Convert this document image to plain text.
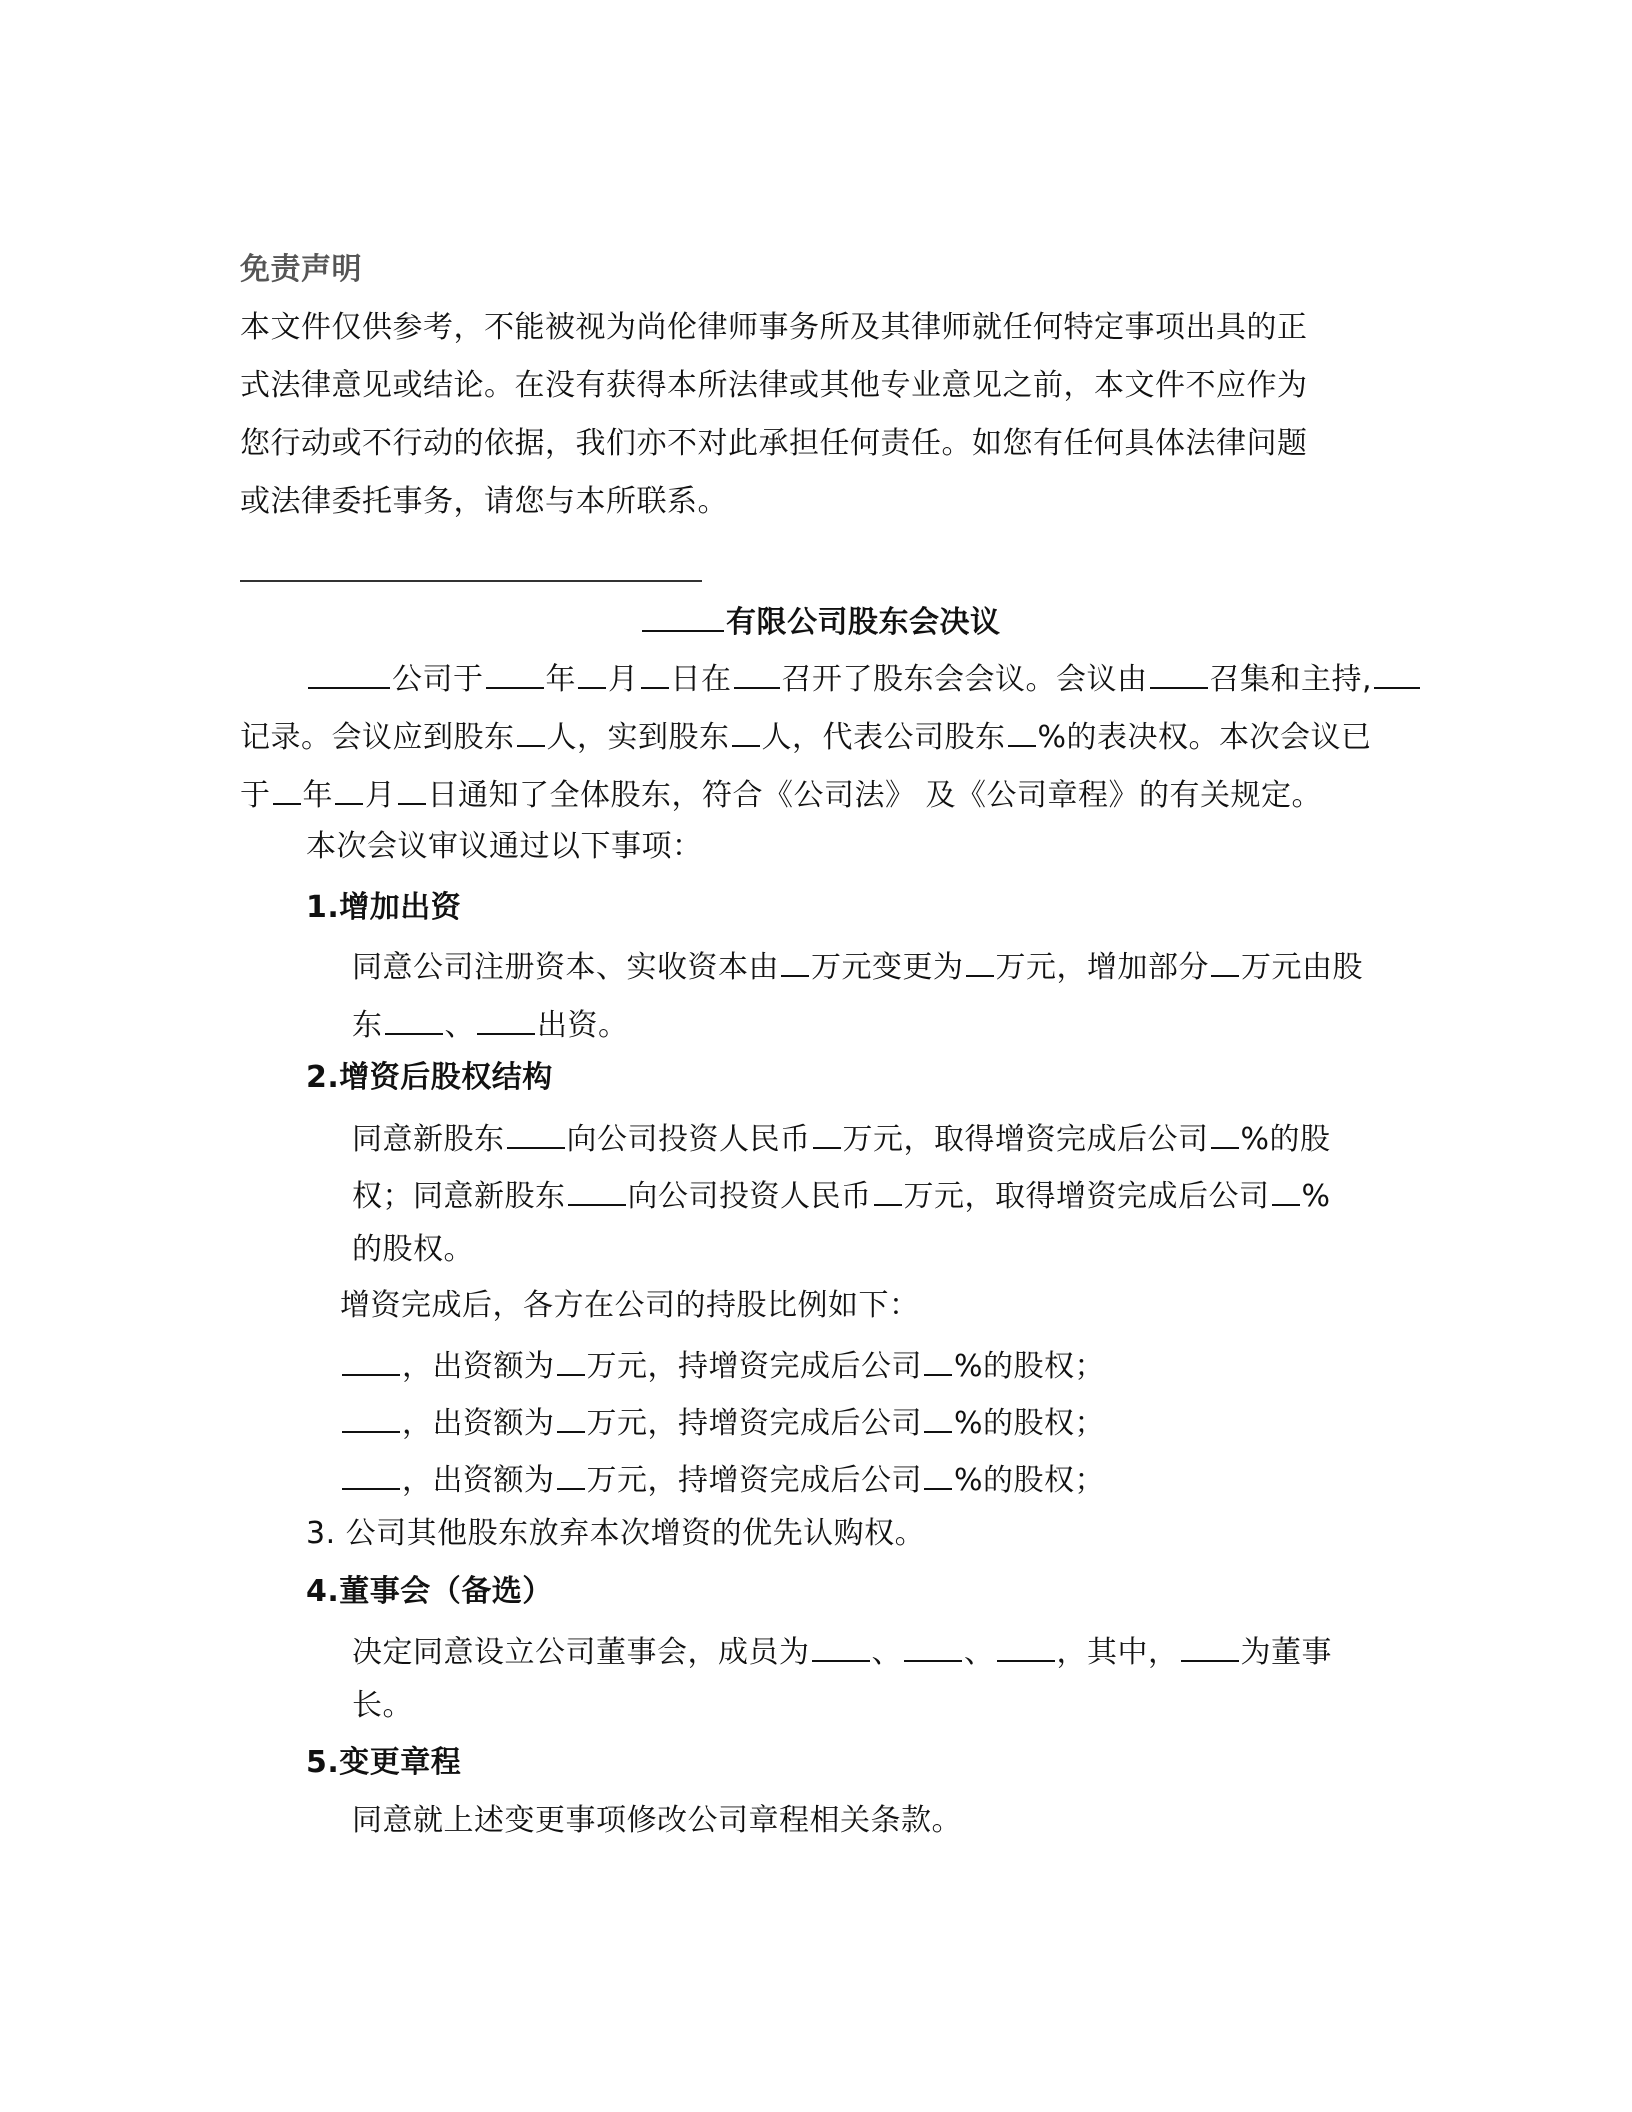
免责声明

本文件仅供参考，不能被视为尚伦律师事务所及其律师就任何特定事项出具的正

式法律意见或结论。在没有获得本所法律或其他专业意见之前，本文件不应作为

您行动或不行动的依据，我们亦不对此承担任何责任。如您有任何具体法律问题

或法律委托事务，请您与本所联系。

有限公司股东会决议

公司于 年 月 日在 召开了股东会会议。会议由 召集和主持,

记录。会议应到股东 人，实到股东 人，代表公司股东 %的表决权。本次会议已

于 年 月 日通知了全体股东，符合《公司法》 及《公司章程》的有关规定。

本次会议审议通过以下事项：

1.增加出资

同意公司注册资本、实收资本由 万元变更为 万元，增加部分 万元由股

东 、 出资。

2.增资后股权结构

同意新股东 向公司投资人民币 万元，取得增资完成后公司 %的股

权；同意新股东 向公司投资人民币 万元，取得增资完成后公司 %

的股权。

增资完成后，各方在公司的持股比例如下：

，出资额为 万元，持增资完成后公司 %的股权；

，出资额为 万元，持增资完成后公司 %的股权；

，出资额为 万元，持增资完成后公司 %的股权；

3. 公司其他股东放弃本次增资的优先认购权。

4.董事会（备选）

决定同意设立公司董事会，成员为 、 、 ，其中， 为董事

长。

5.变更章程

同意就上述变更事项修改公司章程相关条款。
